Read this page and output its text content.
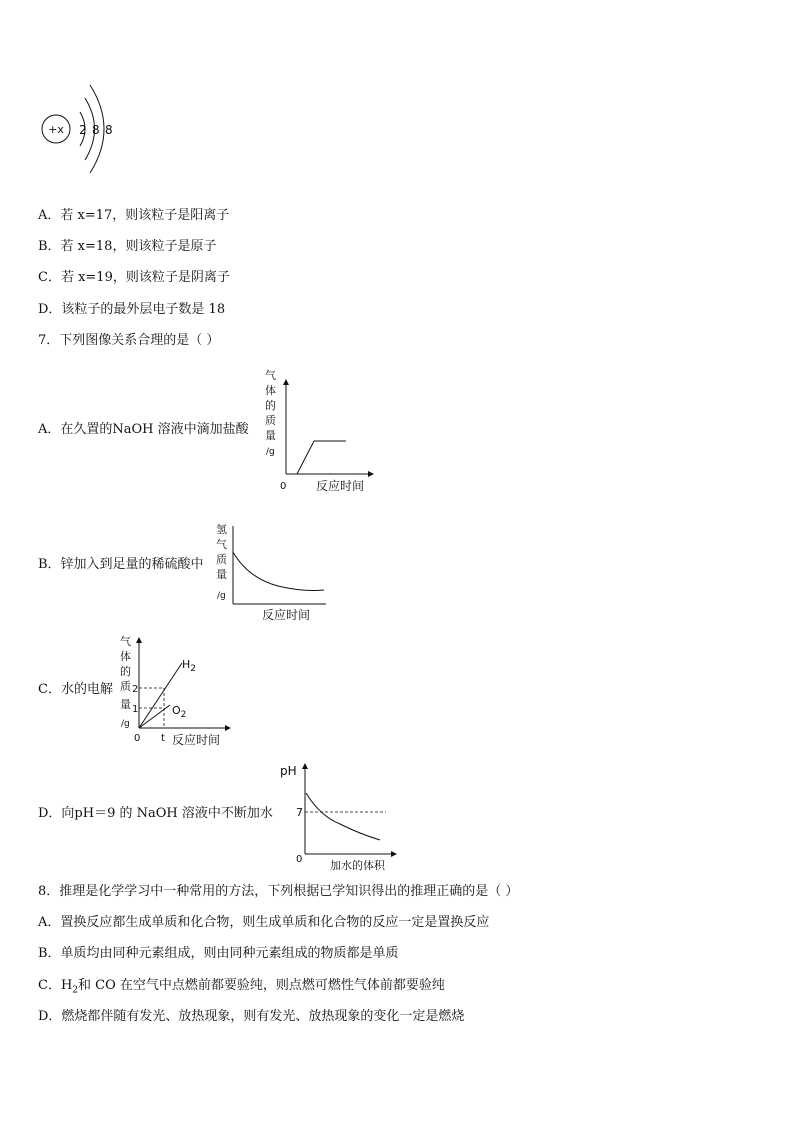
+x 2 8 8
A．若 x=17，则该粒子是阳离子
B．若 x=18，则该粒子是原子
C．若 x=19，则该粒子是阴离子
D．该粒子的最外层电子数是 18
7．下列图像关系合理的是（ ）
A．在久置的NaOH 溶液中滴加盐酸
气
体
的
质
量
/g
0 反应时间
B．锌加入到足量的稀硫酸中
氢
气
质
量
/g
反应时间
C．水的电解
气
体
的
质
量
/g
2
1
0 t 反应时间
$H_2$
$O_2$
D．向pH＝9 的 NaOH 溶液中不断加水
pH
7
0	加水的体积
8．推理是化学学习中一种常用的方法，下列根据已学知识得出的推理正确的是（ ）
A．置换反应都生成单质和化合物，则生成单质和化合物的反应一定是置换反应
B．单质均由同种元素组成，则由同种元素组成的物质都是单质
C．$H_2$和 CO 在空气中点燃前都要验纯，则点燃可燃性气体前都要验纯
D．燃烧都伴随有发光、放热现象，则有发光、放热现象的变化一定是燃烧
